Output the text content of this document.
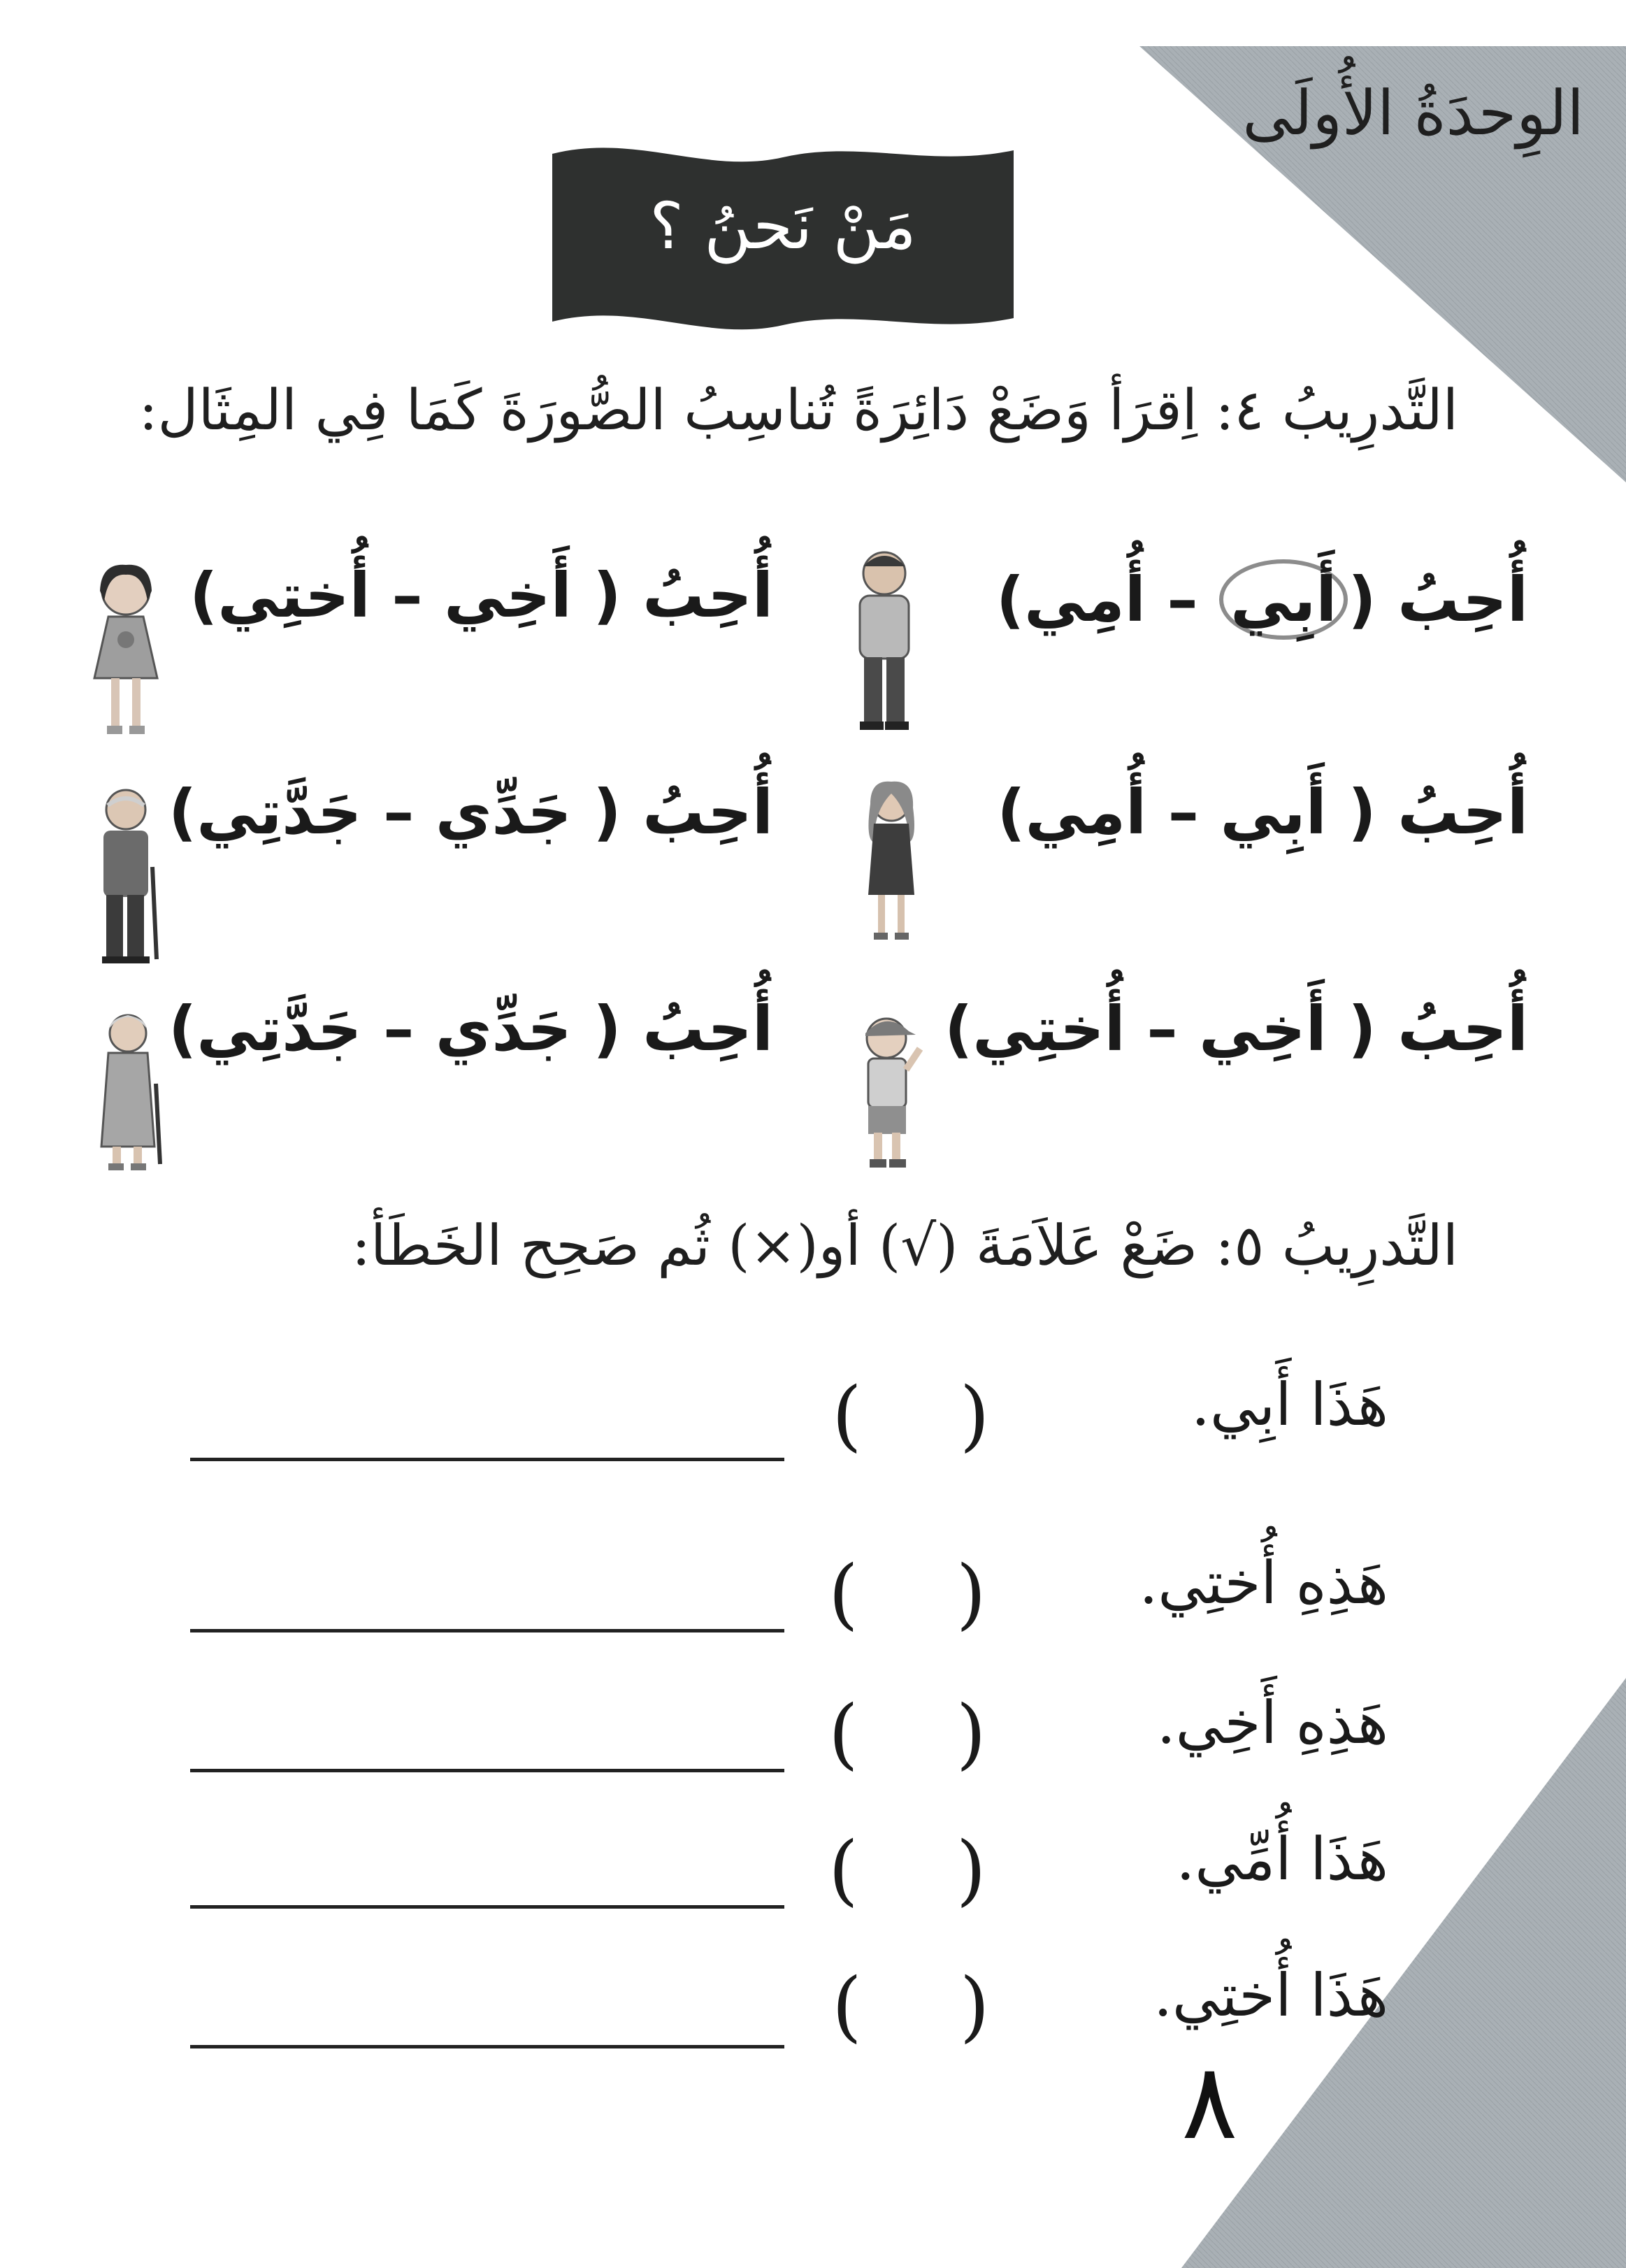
الوِحدَةُ الأُولَى
مَنْ نَحنُ ؟
التَّدرِيبُ ٤: اِقرَأ وَضَعْ دَائِرَةً تُناسِبُ الصُّورَةَ كَمَا فِي المِثَال:
أُحِبُ (أَبِي – أُمِي)
أُحِبُ ( أَخِي – أُختِي)
أُحِبُ ( أَبِي – أُمِي)
أُحِبُ ( جَدِّي – جَدَّتِي)
أُحِبُ ( أَخِي – أُختِي)
أُحِبُ ( جَدِّي – جَدَّتِي)
التَّدرِيبُ ٥: ضَعْ عَلاَمَةَ (√) أو(×) ثُم صَحِح الخَطَأ:
هَذَا أَبِي.
(    )
هَذِهِ أُختِي.
(    )
هَذِهِ أَخِي.
(    )
هَذَا أُمِّي.
(    )
هَذَا أُختِي.
(    )
٨
